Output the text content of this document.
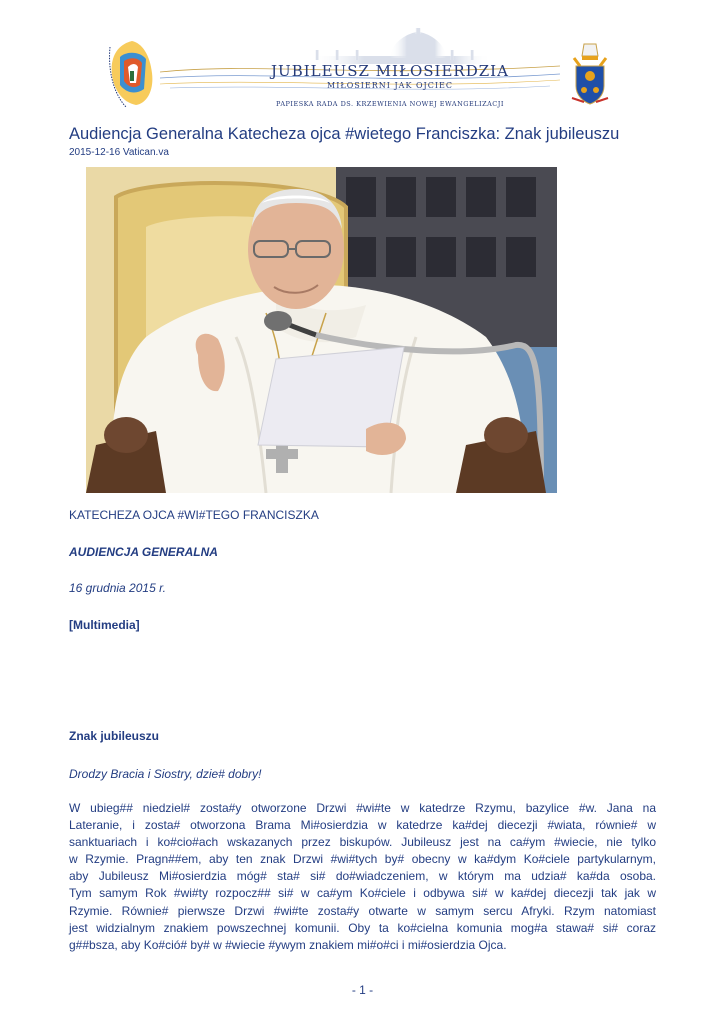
JUBILEUSZ MIŁOSIERDZIA
MIŁOSIERNI JAK OJCIEC
PAPIESKA RADA DS. KRZEWIENIA NOWEJ EWANGELIZACJI
Audiencja Generalna Katecheza ojca #wietego Franciszka: Znak jubileuszu
2015-12-16 Vatican.va
KATECHEZA OJCA #WI#TEGO FRANCISZKA
AUDIENCJA GENERALNA
16 grudnia 2015 r.
[Multimedia]
Znak jubileuszu
Drodzy Bracia i Siostry, dzie# dobry!
W ubieg## niedziel# zosta#y otworzone Drzwi #wi#te w katedrze Rzymu, bazylice #w. Jana na
Lateranie, i zosta# otworzona Brama Mi#osierdzia w katedrze ka#dej diecezji #wiata, równie# w
sanktuariach i ko#cio#ach wskazanych przez biskupów. Jubileusz jest na ca#ym #wiecie, nie tylko
w Rzymie. Pragn##em, aby ten znak Drzwi #wi#tych by# obecny w ka#dym Ko#ciele partykularnym,
aby Jubileusz Mi#osierdzia móg# sta# si# do#wiadczeniem, w którym ma udzia# ka#da osoba.
Tym samym Rok #wi#ty rozpocz## si# w ca#ym Ko#ciele i odbywa si# w ka#dej diecezji tak jak w
Rzymie. Równie# pierwsze Drzwi #wi#te zosta#y otwarte w samym sercu Afryki. Rzym natomiast
jest widzialnym znakiem powszechnej komunii. Oby ta ko#cielna komunia mog#a stawa# si# coraz
g##bsza, aby Ko#ció# by# w #wiecie #ywym znakiem mi#o#ci i mi#osierdzia Ojca.
- 1 -
